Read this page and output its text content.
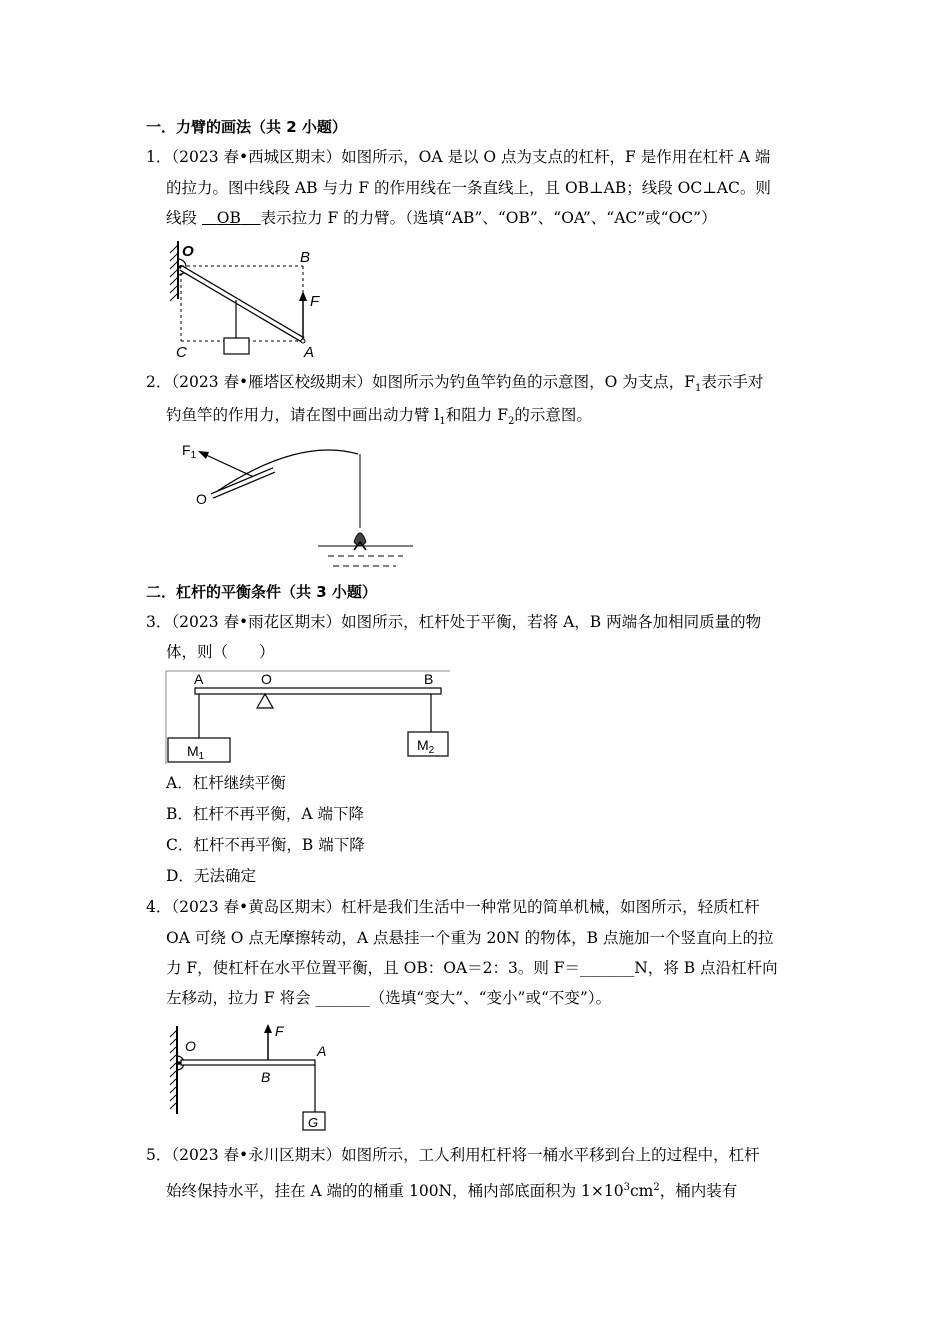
一．力臂的画法（共 2 小题）
1．（2023 春•西城区期末）如图所示，OA 是以 O 点为支点的杠杆，F 是作用在杠杆 A 端
的拉力。图中线段 AB 与力 F 的作用线在一条直线上，且 OB⊥AB；线段 OC⊥AC。则
线段 OB 表示拉力 F 的力臂。（选填“AB”、“OB”、“OA”、“AC”或“OC”）
O	B
F
C	A
2．（2023 春•雁塔区校级期末）如图所示为钓鱼竿钓鱼的示意图，O 为支点，$F_1$表示手对
钓鱼竿的作用力，请在图中画出动力臂 $l_1$和阻力 $F_2$的示意图。
$F_1$
O
二．杠杆的平衡条件（共 3 小题）
3．（2023 春•雨花区期末）如图所示，杠杆处于平衡，若将 A，B 两端各加相同质量的物
体，则（　　）
A	O	B
$M_1$
$M_2$
A．杠杆继续平衡
B．杠杆不再平衡，A 端下降
C．杠杆不再平衡，B 端下降
D．无法确定
4．（2023 春•黄岛区期末）杠杆是我们生活中一种常见的简单机械，如图所示，轻质杠杆
OA 可绕 O 点无摩擦转动，A 点悬挂一个重为 20N 的物体，B 点施加一个竖直向上的拉
力 F，使杠杆在水平位置平衡，且 OB：OA＝2：3。则 F＝_______N，将 B 点沿杠杆向
左移动，拉力 F 将会 _______（选填“变大”、“变小”或“不变”）。
F
O	A
B
G
5．（2023 春•永川区期末）如图所示，工人利用杠杆将一桶水平移到台上的过程中，杠杆
始终保持水平，挂在 A 端的的桶重 100N，桶内部底面积为 $1\times 10^3cm^2$，桶内装有
